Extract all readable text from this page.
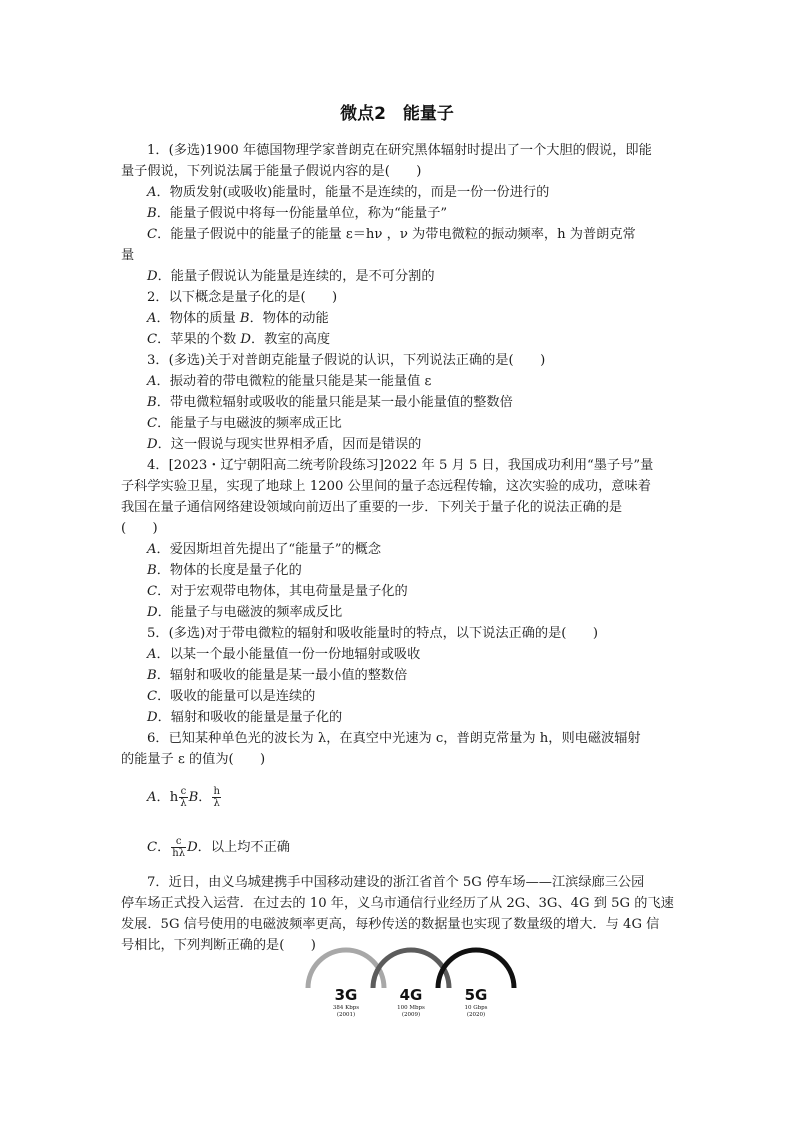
微点2　能量子
1．(多选)1900 年德国物理学家普朗克在研究黑体辐射时提出了一个大胆的假说，即能
量子假说，下列说法属于能量子假说内容的是(　　)
A．物质发射(或吸收)能量时，能量不是连续的，而是一份一份进行的
B．能量子假说中将每一份能量单位，称为“能量子”
C．能量子假说中的能量子的能量 ε＝hν ，ν 为带电微粒的振动频率，h 为普朗克常
量
D．能量子假说认为能量是连续的，是不可分割的
2．以下概念是量子化的是(　　)
A．物体的质量 B．物体的动能
C．苹果的个数 D．教室的高度
3．(多选)关于对普朗克能量子假说的认识，下列说法正确的是(　　)
A．振动着的带电微粒的能量只能是某一能量值 ε
B．带电微粒辐射或吸收的能量只能是某一最小能量值的整数倍
C．能量子与电磁波的频率成正比
D．这一假说与现实世界相矛盾，因而是错误的
4．[2023・辽宁朝阳高二统考阶段练习]2022 年 5 月 5 日，我国成功利用“墨子号”量
子科学实验卫星，实现了地球上 1200 公里间的量子态远程传输，这次实验的成功，意味着
我国在量子通信网络建设领域向前迈出了重要的一步．下列关于量子化的说法正确的是
(　　)
A．爱因斯坦首先提出了“能量子”的概念
B．物体的长度是量子化的
C．对于宏观带电物体，其电荷量是量子化的
D．能量子与电磁波的频率成反比
5．(多选)对于带电微粒的辐射和吸收能量时的特点，以下说法正确的是(　　)
A．以某一个最小能量值一份一份地辐射或吸收
B．辐射和吸收的能量是某一最小值的整数倍
C．吸收的能量可以是连续的
D．辐射和吸收的能量是量子化的
6．已知某种单色光的波长为 λ，在真空中光速为 c，普朗克常量为 h，则电磁波辐射
的能量子 ε 的值为(　　)
A ．h $\frac{c}{\lambda}$ B ． $\frac{h}{\lambda}$
C ． $\frac{c}{h\lambda}$ D ．以上均不正确
7．近日，由义乌城建携手中国移动建设的浙江省首个 5G 停车场——江滨绿廊三公园
停车场正式投入运营．在过去的 10 年，义乌市通信行业经历了从 2G、3G、4G 到 5G 的飞速
发展．5G 信号使用的电磁波频率更高，每秒传送的数据量也实现了数量级的增大．与 4G 信
号相比，下列判断正确的是(　　)
3G
384 Kbps
(2001)
4G
100 Mbps
(2009)
5G
10 Gbps
(2020)
